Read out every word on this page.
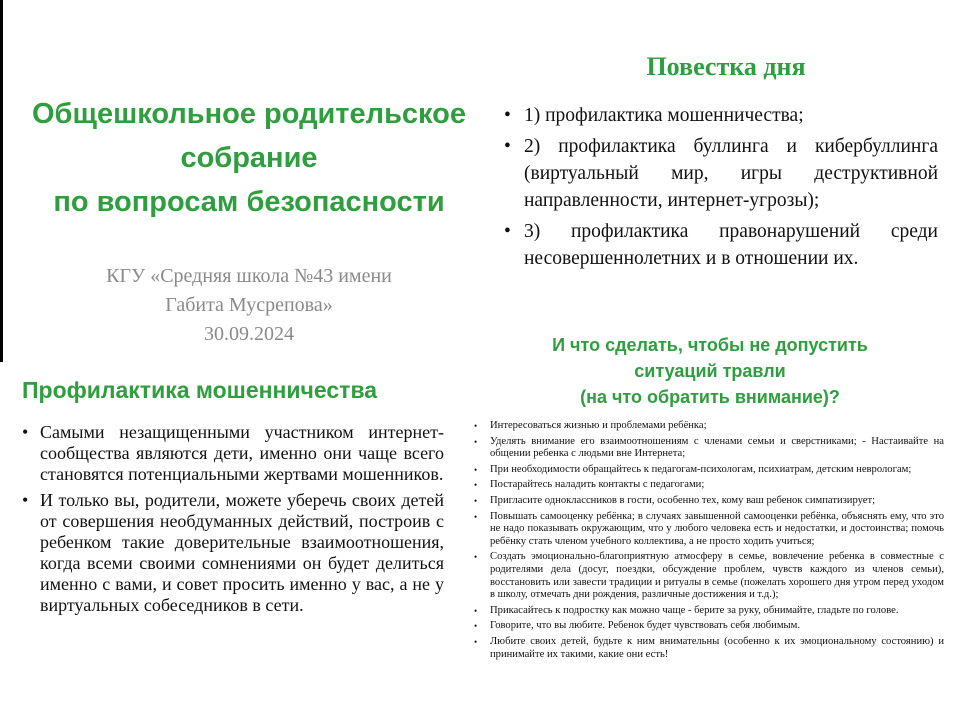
Общешкольное родительское
собрание
по вопросам безопасности
КГУ «Средняя школа №43 имени
Габита Мусрепова»
30.09.2024
Повестка дня
• 1) профилактика мошенничества;
• 2) профилактика буллинга и кибербуллинга (виртуальный мир, игры деструктивной направленности, интернет-угрозы);
• 3) профилактика правонарушений среди несовершеннолетних и в отношении их.
Профилактика мошенничества
• Самыми незащищенными участником интернет-сообщества являются дети, именно они чаще всего становятся потенциальными жертвами мошенников.
• И только вы, родители, можете уберечь своих детей от совершения необдуманных действий, построив с ребенком такие доверительные взаимоотношения, когда всеми своими сомнениями он будет делиться именно с вами, и совет просить именно у вас, а не у виртуальных собеседников в сети.
И что сделать, чтобы не допустить
ситуаций травли
(на что обратить внимание)?
• Интересоваться жизнью и проблемами ребёнка;
• Уделять внимание его взаимоотношениям с членами семьи и сверстниками; - Настаивайте на общении ребенка с людьми вне Интернета;
• При необходимости обращайтесь к педагогам-психологам, психиатрам, детским неврологам;
• Постарайтесь наладить контакты с педагогами;
• Пригласите одноклассников в гости, особенно тех, кому ваш ребенок симпатизирует;
• Повышать самооценку ребёнка; в случаях завышенной самооценки ребёнка, объяснять ему, что это не надо показывать окружающим, что у любого человека есть и недостатки, и достоинства; помочь ребёнку стать членом учебного коллектива, а не просто ходить учиться;
• Создать эмоционально-благоприятную атмосферу в семье, вовлечение ребенка в совместные с родителями дела (досуг, поездки, обсуждение проблем, чувств каждого из членов семьи), восстановить или завести традиции и ритуалы в семье (пожелать хорошего дня утром перед уходом в школу, отмечать дни рождения, различные достижения и т.д.);
• Прикасайтесь к подростку как можно чаще - берите за руку, обнимайте, гладьте по голове.
• Говорите, что вы любите. Ребенок будет чувствовать себя любимым.
• Любите своих детей, будьте к ним внимательны (особенно к их эмоциональному состоянию) и принимайте их такими, какие они есть!
